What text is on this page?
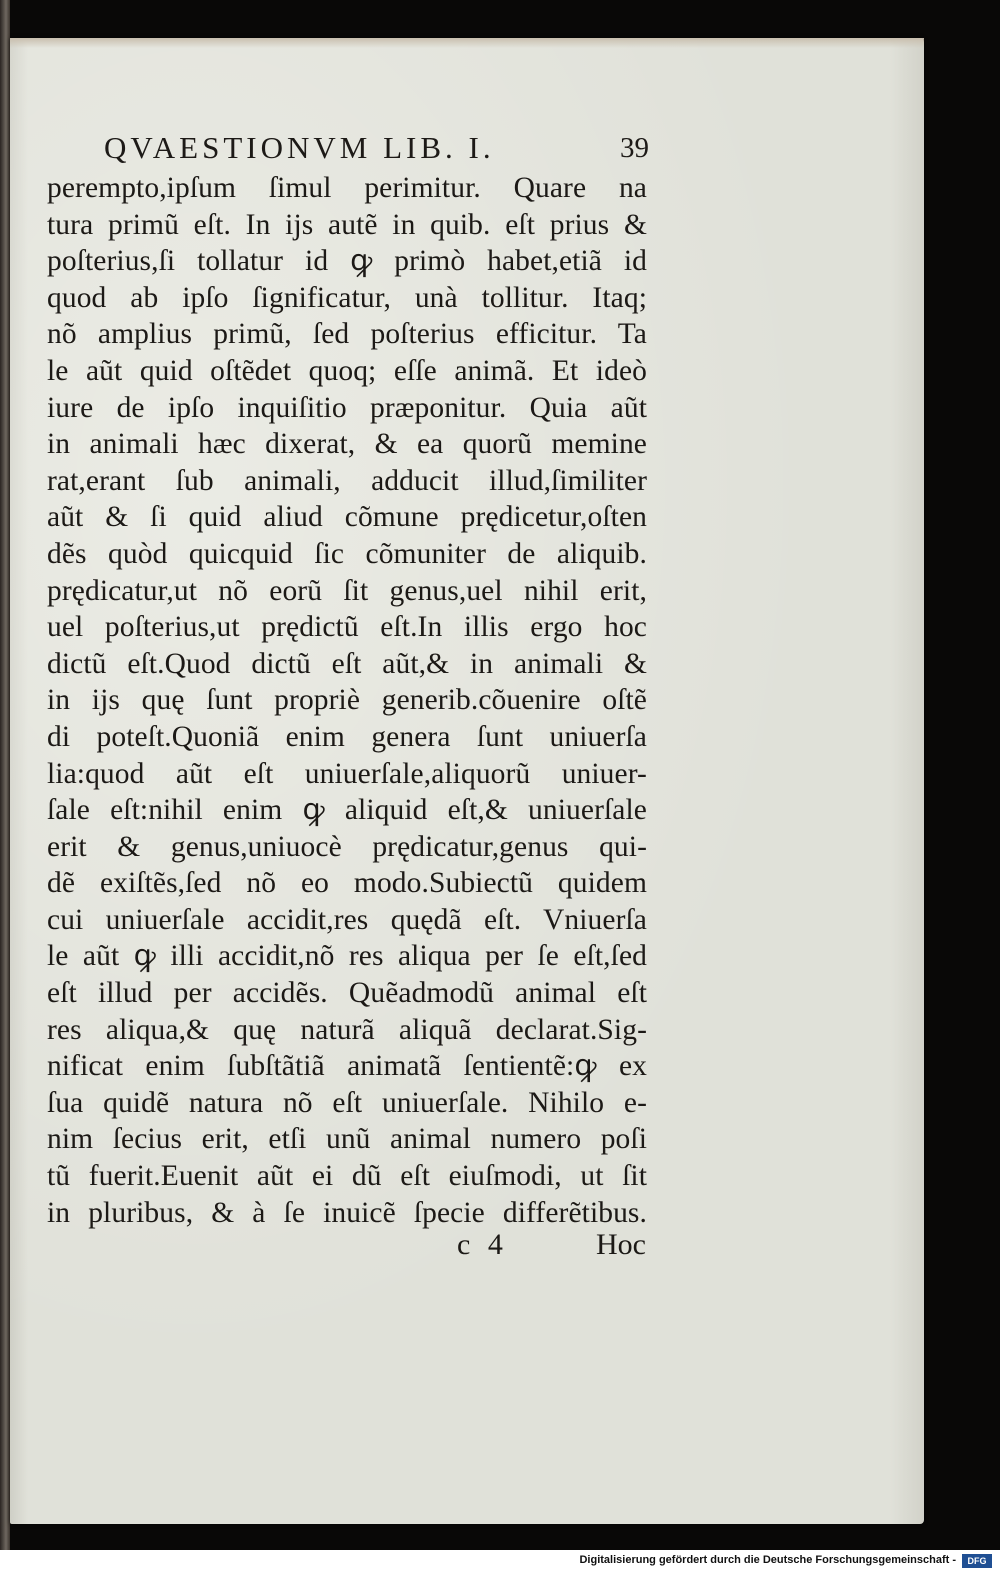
QVAESTIONVM LIB. I.	39
perempto,ipſum ſimul perimitur. Quare na
tura primũ eſt. In ijs autẽ in quib. eſt prius &
poſterius,ſi tollatur id ꝙ primò habet,etiã id
quod ab ipſo ſignificatur, unà tollitur. Itaq;
nõ amplius primũ, ſed poſterius efficitur. Ta
le aũt quid oſtẽdet quoq; eſſe animã. Et ideò
iure de ipſo inquiſitio præponitur. Quia aũt
in animali hæc dixerat, & ea quorũ memine
rat,erant ſub animali, adducit illud,ſimiliter
aũt & ſi quid aliud cõmune prędicetur,oſten
dẽs quòd quicquid ſic cõmuniter de aliquib.
prędicatur,ut nõ eorũ ſit genus,uel nihil erit,
uel poſterius,ut prędictũ eſt.In illis ergo hoc
dictũ eſt.Quod dictũ eſt aũt,& in animali &
in ijs quę ſunt propriè generib.cõuenire oſtẽ
di poteſt.Quoniã enim genera ſunt uniuerſa
lia:quod aũt eſt uniuerſale,aliquorũ uniuer-
ſale eſt:nihil enim ꝙ aliquid eſt,& uniuerſale
erit & genus,uniuocè prędicatur,genus qui-
dẽ exiſtẽs,ſed nõ eo modo.Subiectũ quidem
cui uniuerſale accidit,res quędã eſt. Vniuerſa
le aũt ꝙ illi accidit,nõ res aliqua per ſe eſt,ſed
eſt illud per accidẽs. Quẽadmodũ animal eſt
res aliqua,& quę naturã aliquã declarat.Sig-
nificat enim ſubſtãtiã animatã ſentientẽ:ꝙ ex
ſua quidẽ natura nõ eſt uniuerſale. Nihilo e-
nim ſecius erit, etſi unũ animal numero poſi
tũ fuerit.Euenit aũt ei dũ eſt eiuſmodi, ut ſit
in pluribus, & à ſe inuicẽ ſpecie differẽtibus.
c 4	Hoc
Digitalisierung gefördert durch die Deutsche Forschungsgemeinschaft -	DFG
